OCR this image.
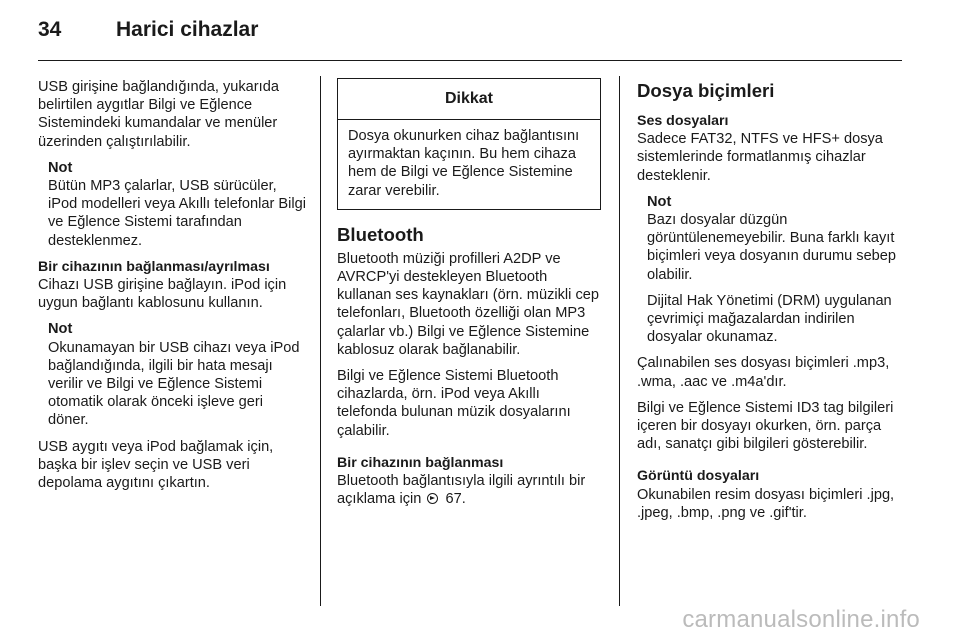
34	Harici cihazlar

USB girişine bağlandığında, yukarıda belirtilen aygıtlar Bilgi ve Eğlence Sistemindeki kumandalar ve menüler üzerinden çalıştırılabilir.

Not
Bütün MP3 çalarlar, USB sürücüler, iPod modelleri veya Akıllı telefonlar Bilgi ve Eğlence Sistemi tarafından desteklenmez.
Bir cihazının bağlanması/ayrılması

Cihazı USB girişine bağlayın. iPod için uygun bağlantı kablosunu kullanın.

Not
Okunamayan bir USB cihazı veya iPod bağlandığında, ilgili bir hata mesajı verilir ve Bilgi ve Eğlence Sistemi otomatik olarak önceki işleve geri döner.

USB aygıtı veya iPod bağlamak için, başka bir işlev seçin ve USB veri depolama aygıtını çıkartın.

Dikkat
Dosya okunurken cihaz bağlantısını ayırmaktan kaçının. Bu hem cihaza hem de Bilgi ve Eğlence Sistemine zarar verebilir.
Bluetooth

Bluetooth müziği profilleri A2DP ve AVRCP'yi destekleyen Bluetooth kullanan ses kaynakları (örn. müzikli cep telefonları, Bluetooth özelliği olan MP3 çalarlar vb.) Bilgi ve Eğlence Sistemine kablosuz olarak bağlanabilir.

Bilgi ve Eğlence Sistemi Bluetooth cihazlarda, örn. iPod veya Akıllı telefonda bulunan müzik dosyalarını çalabilir.

Bir cihazının bağlanması

Bluetooth bağlantısıyla ilgili ayrıntılı bir açıklama için 67.

Dosya biçimleri
Ses dosyaları

Sadece FAT32, NTFS ve HFS+ dosya sistemlerinde formatlanmış cihazlar desteklenir.

Not
Bazı dosyalar düzgün görüntülenemeyebilir. Buna farklı kayıt biçimleri veya dosyanın durumu sebep olabilir.
Dijital Hak Yönetimi (DRM) uygulanan çevrimiçi mağazalardan indirilen dosyalar okunamaz.

Çalınabilen ses dosyası biçimleri .mp3, .wma, .aac ve .m4a'dır.

Bilgi ve Eğlence Sistemi ID3 tag bilgileri içeren bir dosyayı okurken, örn. parça adı, sanatçı gibi bilgileri gösterebilir.

Görüntü dosyaları

Okunabilen resim dosyası biçimleri .jpg, .jpeg, .bmp, .png ve .gif'tir.

carmanualsonline.info
